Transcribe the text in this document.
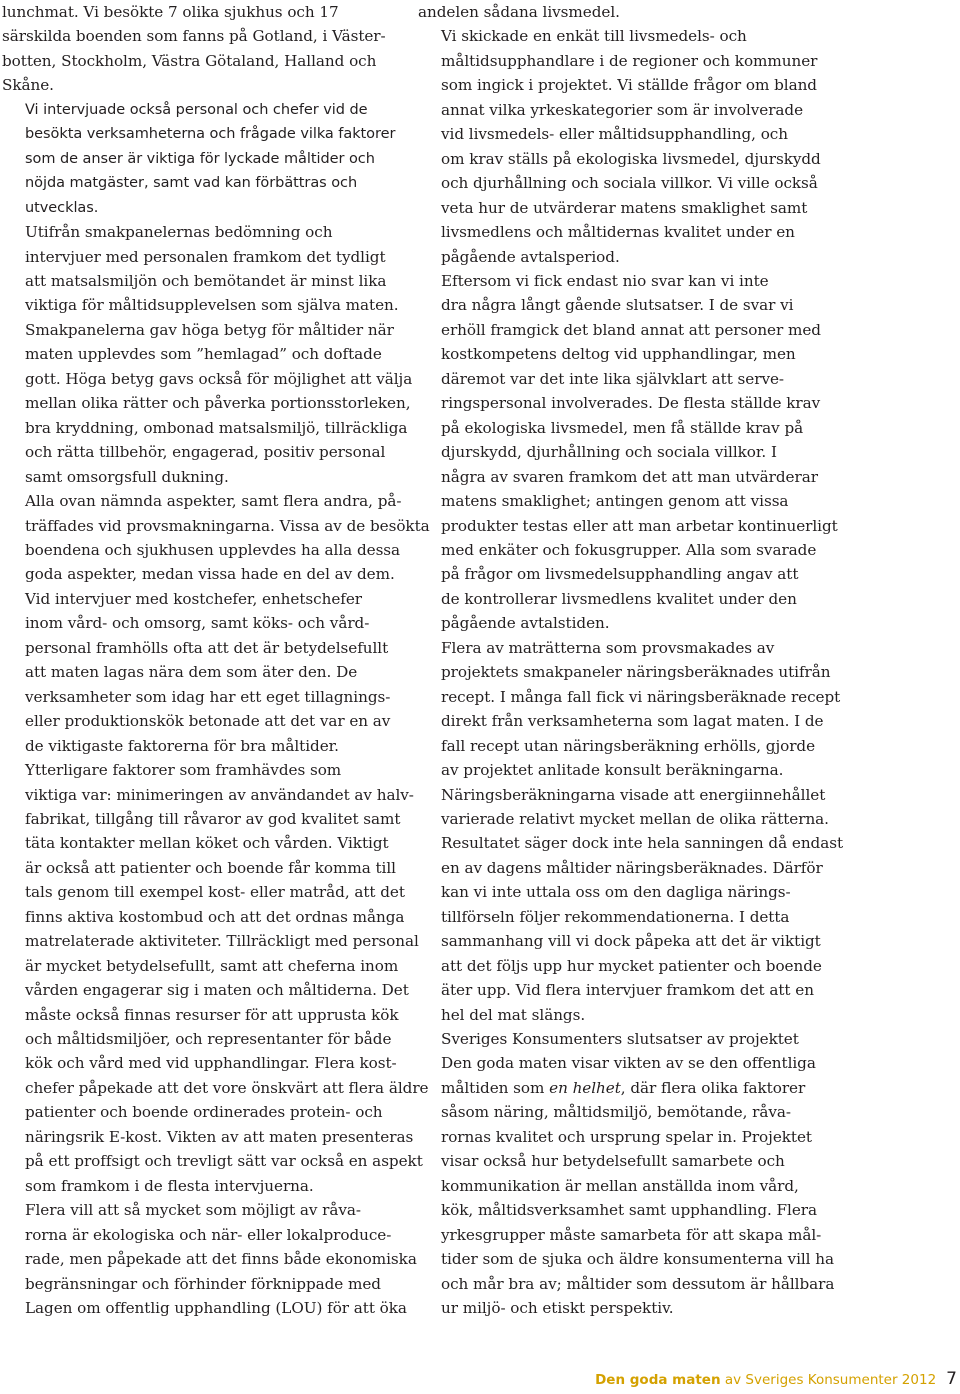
lunchmat. Vi besökte 7 olika sjukhus och 17
särskilda boenden som fanns på Gotland, i Väster-
botten, Stockholm, Västra Götaland, Halland och
Skåne.

Vi intervjuade också personal och chefer vid de
besökta verksamheterna och frågade vilka faktorer
som de anser är viktiga för lyckade måltider och
nöjda matgäster, samt vad kan förbättras och
utvecklas.

Utifrån smakpanelernas bedömning och
intervjuer med personalen framkom det tydligt
att matsalsmiljön och bemötandet är minst lika
viktiga för måltidsupplevelsen som själva maten.
Smakpanelerna gav höga betyg för måltider när
maten upplevdes som ”hemlagad” och doftade
gott. Höga betyg gavs också för möjlighet att välja
mellan olika rätter och påverka portionsstorleken,
bra kryddning, ombonad matsalsmiljö, tillräckliga
och rätta tillbehör, engagerad, positiv personal
samt omsorgsfull dukning.

Alla ovan nämnda aspekter, samt flera andra, på-
träffades vid provsmakningarna. Vissa av de besökta
boendena och sjukhusen upplevdes ha alla dessa
goda aspekter, medan vissa hade en del av dem.

Vid intervjuer med kostchefer, enhetschefer
inom vård- och omsorg, samt köks- och vård-
personal framhölls ofta att det är betydelsefullt
att maten lagas nära dem som äter den. De
verksamheter som idag har ett eget tillagnings-
eller produktionskök betonade att det var en av
de viktigaste faktorerna för bra måltider.

Ytterligare faktorer som framhävdes som
viktiga var: minimeringen av användandet av halv-
fabrikat, tillgång till råvaror av god kvalitet samt
täta kontakter mellan köket och vården. Viktigt
är också att patienter och boende får komma till
tals genom till exempel kost- eller matråd, att det
finns aktiva kostombud och att det ordnas många
matrelaterade aktiviteter. Tillräckligt med personal
är mycket betydelsefullt, samt att cheferna inom
vården engagerar sig i maten och måltiderna. Det
måste också finnas resurser för att upprusta kök
och måltidsmiljöer, och representanter för både
kök och vård med vid upphandlingar. Flera kost-
chefer påpekade att det vore önskvärt att flera äldre
patienter och boende ordinerades protein- och
näringsrik E-kost. Vikten av att maten presenteras
på ett proffsigt och trevligt sätt var också en aspekt
som framkom i de flesta intervjuerna.

Flera vill att så mycket som möjligt av råva-
rorna är ekologiska och när- eller lokalproduce-
rade, men påpekade att det finns både ekonomiska
begränsningar och förhinder förknippade med
Lagen om offentlig upphandling (LOU) för att öka

andelen sådana livsmedel.

Vi skickade en enkät till livsmedels- och
måltidsupphandlare i de regioner och kommuner
som ingick i projektet. Vi ställde frågor om bland
annat vilka yrkeskategorier som är involverade
vid livsmedels- eller måltidsupphandling, och
om krav ställs på ekologiska livsmedel, djurskydd
och djurhållning och sociala villkor. Vi ville också
veta hur de utvärderar matens smaklighet samt
livsmedlens och måltidernas kvalitet under en
pågående avtalsperiod.

Eftersom vi fick endast nio svar kan vi inte
dra några långt gående slutsatser. I de svar vi
erhöll framgick det bland annat att personer med
kostkompetens deltog vid upphandlingar, men
däremot var det inte lika självklart att serve-
ringspersonal involverades. De flesta ställde krav
på ekologiska livsmedel, men få ställde krav på
djurskydd, djurhållning och sociala villkor. I
några av svaren framkom det att man utvärderar
matens smaklighet; antingen genom att vissa
produkter testas eller att man arbetar kontinuerligt
med enkäter och fokusgrupper. Alla som svarade
på frågor om livsmedelsupphandling angav att
de kontrollerar livsmedlens kvalitet under den
pågående avtalstiden.

Flera av maträtterna som provsmakades av
projektets smakpaneler näringsberäknades utifrån
recept. I många fall fick vi näringsberäknade recept
direkt från verksamheterna som lagat maten. I de
fall recept utan näringsberäkning erhölls, gjorde
av projektet anlitade konsult beräkningarna.
Näringsberäkningarna visade att energiinnehållet
varierade relativt mycket mellan de olika rätterna.
Resultatet säger dock inte hela sanningen då endast
en av dagens måltider näringsberäknades. Därför
kan vi inte uttala oss om den dagliga närings-
tillförseln följer rekommendationerna. I detta
sammanhang vill vi dock påpeka att det är viktigt
att det följs upp hur mycket patienter och boende
äter upp. Vid flera intervjuer framkom det att en
hel del mat slängs.

Sveriges Konsumenters slutsatser av projektet
Den goda maten visar vikten av se den offentliga
måltiden som en helhet, där flera olika faktorer
såsom näring, måltidsmiljö, bemötande, råva-
rornas kvalitet och ursprung spelar in. Projektet
visar också hur betydelsefullt samarbete och
kommunikation är mellan anställda inom vård,
kök, måltidsverksamhet samt upphandling. Flera
yrkesgrupper måste samarbeta för att skapa mål-
tider som de sjuka och äldre konsumenterna vill ha
och mår bra av; måltider som dessutom är hållbara
ur miljö- och etiskt perspektiv.

Den goda maten av Sveriges Konsumenter 2012 7
